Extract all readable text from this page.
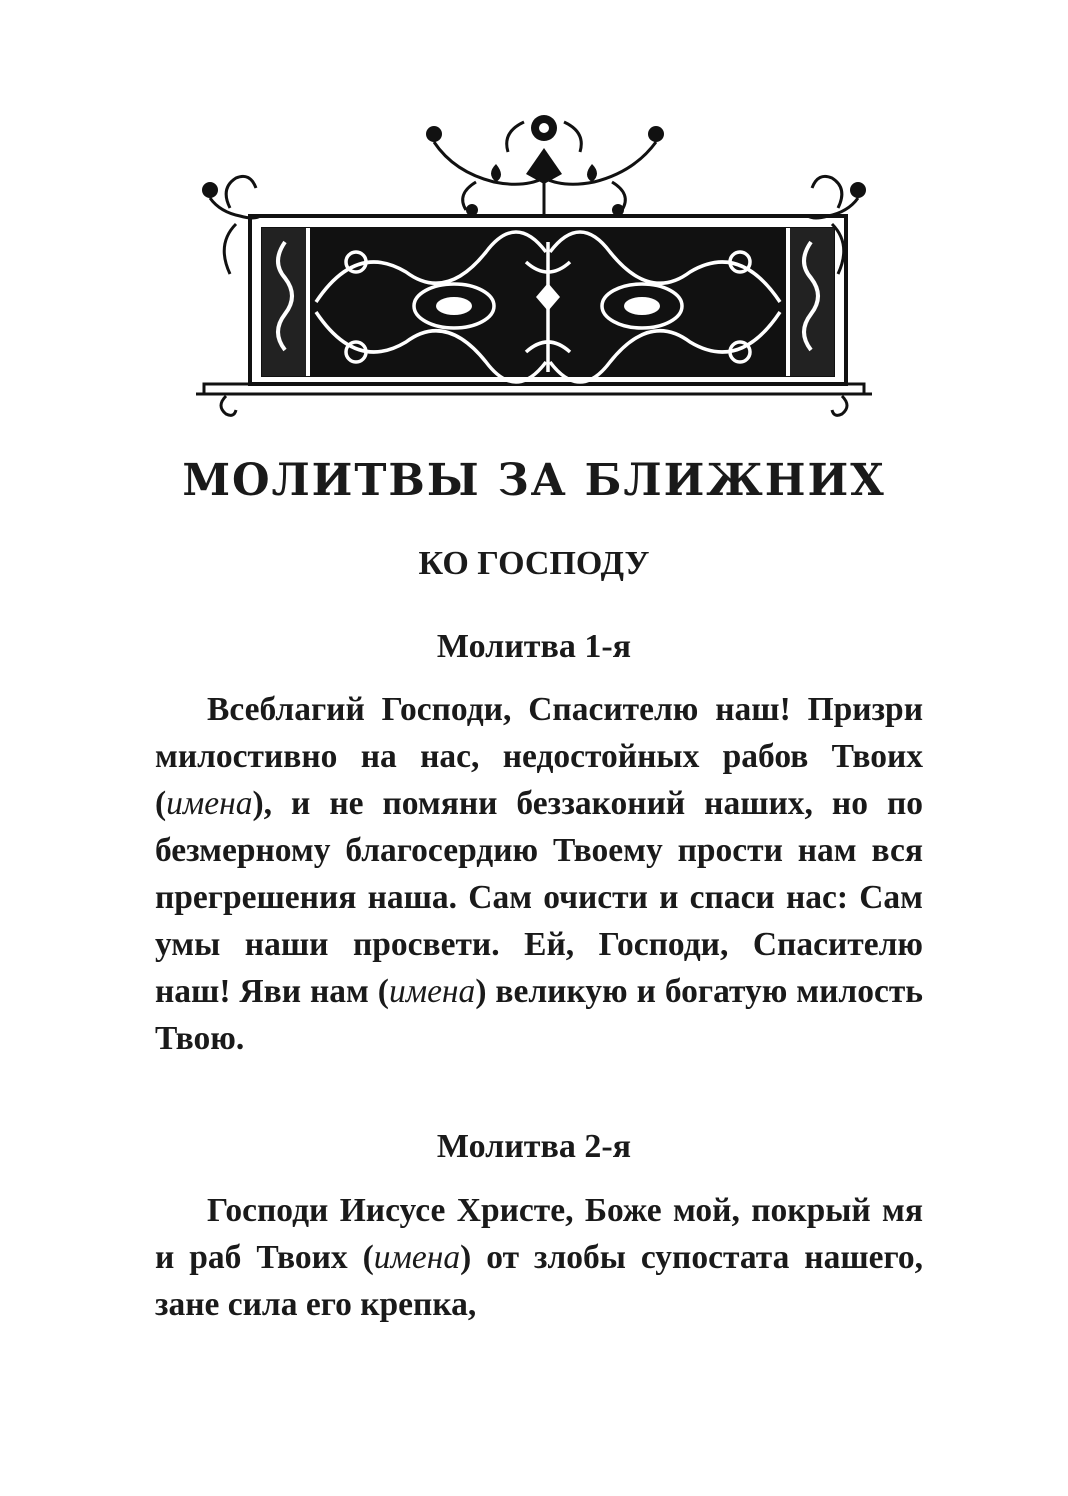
МОЛИТВЫ ЗА БЛИЖНИХ
КО ГОСПОДУ
Молитва 1-я

Всеблагий Господи, Спасителю наш! Призри милостивно на нас, недостойных рабов Твоих (имена), и не помяни беззаконий наших, но по безмерному благосердию Твоему прости нам вся прегрешения наша. Сам очисти и спаси нас: Сам умы наши просвети. Ей, Господи, Спасителю наш! Яви нам (имена) великую и богатую милость Твою.

Молитва 2-я

Господи Иисусе Христе, Боже мой, покрый мя и раб Твоих (имена) от злобы супостата нашего, зане сила его крепка,
